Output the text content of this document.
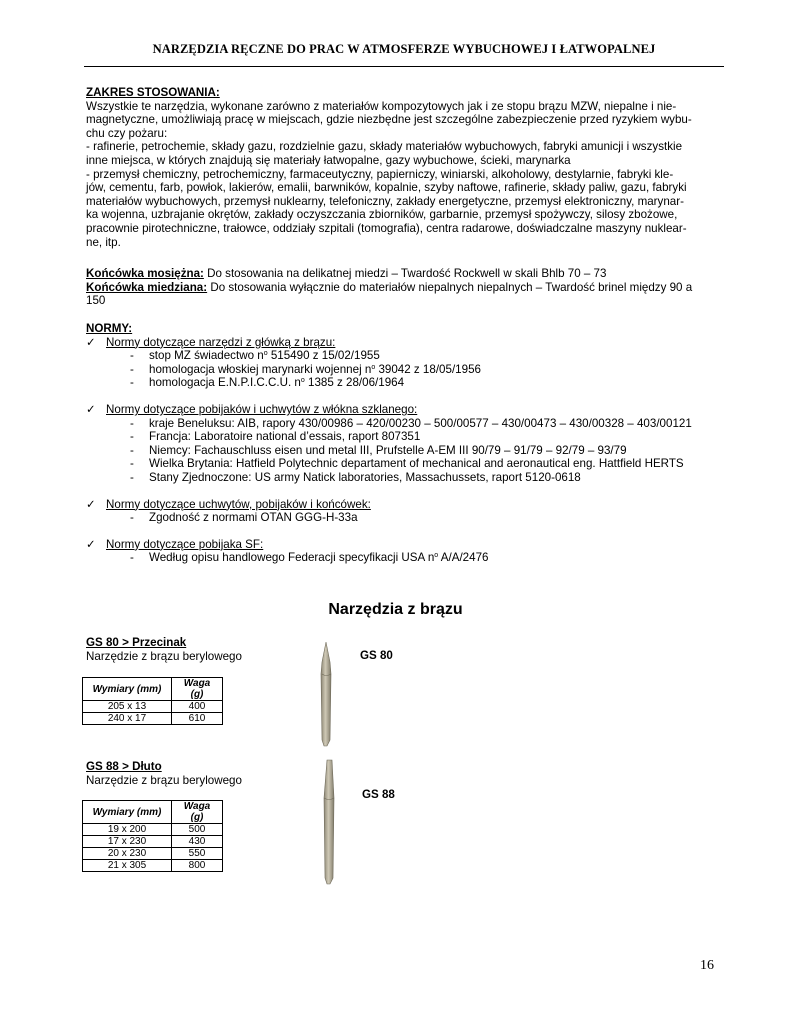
NARZĘDZIA RĘCZNE DO PRAC W ATMOSFERZE WYBUCHOWEJ I ŁATWOPALNEJ

ZAKRES STOSOWANIA:

Wszystkie te narzędzia, wykonane zarówno z materiałów kompozytowych jak i ze stopu brązu MZW, niepalne i nie-

magnetyczne, umożliwiają pracę w miejscach, gdzie niezbędne jest szczególne zabezpieczenie przed ryzykiem wybu-

chu czy pożaru:

- rafinerie, petrochemie, składy gazu, rozdzielnie gazu, składy materiałów wybuchowych, fabryki amunicji i wszystkie

inne miejsca, w których znajdują się materiały łatwopalne, gazy wybuchowe, ścieki, marynarka

- przemysł chemiczny, petrochemiczny, farmaceutyczny, papierniczy, winiarski, alkoholowy, destylarnie, fabryki kle-

jów, cementu, farb, powłok, lakierów, emalii, barwników, kopalnie, szyby naftowe, rafinerie, składy paliw, gazu, fabryki

materiałów wybuchowych, przemysł nuklearny, telefoniczny, zakłady energetyczne, przemysł elektroniczny, marynar-

ka wojenna, uzbrajanie okrętów, zakłady oczyszczania zbiorników, garbarnie, przemysł spożywczy, silosy zbożowe,

pracownie pirotechniczne, trałowce, oddziały szpitali (tomografia), centra radarowe, doświadczalne maszyny nuklear-

ne, itp.

Końcówka mosiężna: Do stosowania na delikatnej miedzi – Twardość Rockwell w skali Bhlb 70 – 73

Końcówka miedziana: Do stosowania wyłącznie do materiałów niepalnych niepalnych – Twardość brinel między 90 a

150

NORMY:

✓ Normy dotyczące narzędzi z główką z brązu:

- stop MZ świadectwo $n^o$ 515490 z 15/02/1955

- homologacja włoskiej marynarki wojennej $n^o$ 39042 z 18/05/1956

- homologacja E.N.P.I.C.C.U. $n^o$ 1385 z 28/06/1964

✓ Normy dotyczące pobijaków i uchwytów z włókna szklanego:

- kraje Beneluksu: AIB, rapory 430/00986 – 420/00230 – 500/00577 – 430/00473 – 430/00328 – 403/00121

- Francja: Laboratoire national d’essais, raport 807351

- Niemcy: Fachauschluss eisen und metal III, Prufstelle A-EM III 90/79 – 91/79 – 92/79 – 93/79

- Wielka Brytania: Hatfield Polytechnic departament of mechanical and aeronautical eng. Hattfield HERTS

- Stany Zjednoczone: US army Natick laboratories, Massachussets, raport 5120-0618

✓ Normy dotyczące uchwytów, pobijaków i końcówek:

- Zgodność z normami OTAN GGG-H-33a

✓ Normy dotyczące pobijaka SF:

- Według opisu handlowego Federacji specyfikacji USA $n^o$ A/A/2476

Narzędzia z brązu

GS 80 > Przecinak

Narzędzie z brązu berylowego

Wymiary (mm)	Waga (g)
205 x 13	400
240 x 17	610
GS 80

GS 88 > Dłuto

Narzędzie z brązu berylowego

Wymiary (mm)	Waga (g)
19 x 200	500
17 x 230	430
20 x 230	550
21 x 305	800
GS 88
16
